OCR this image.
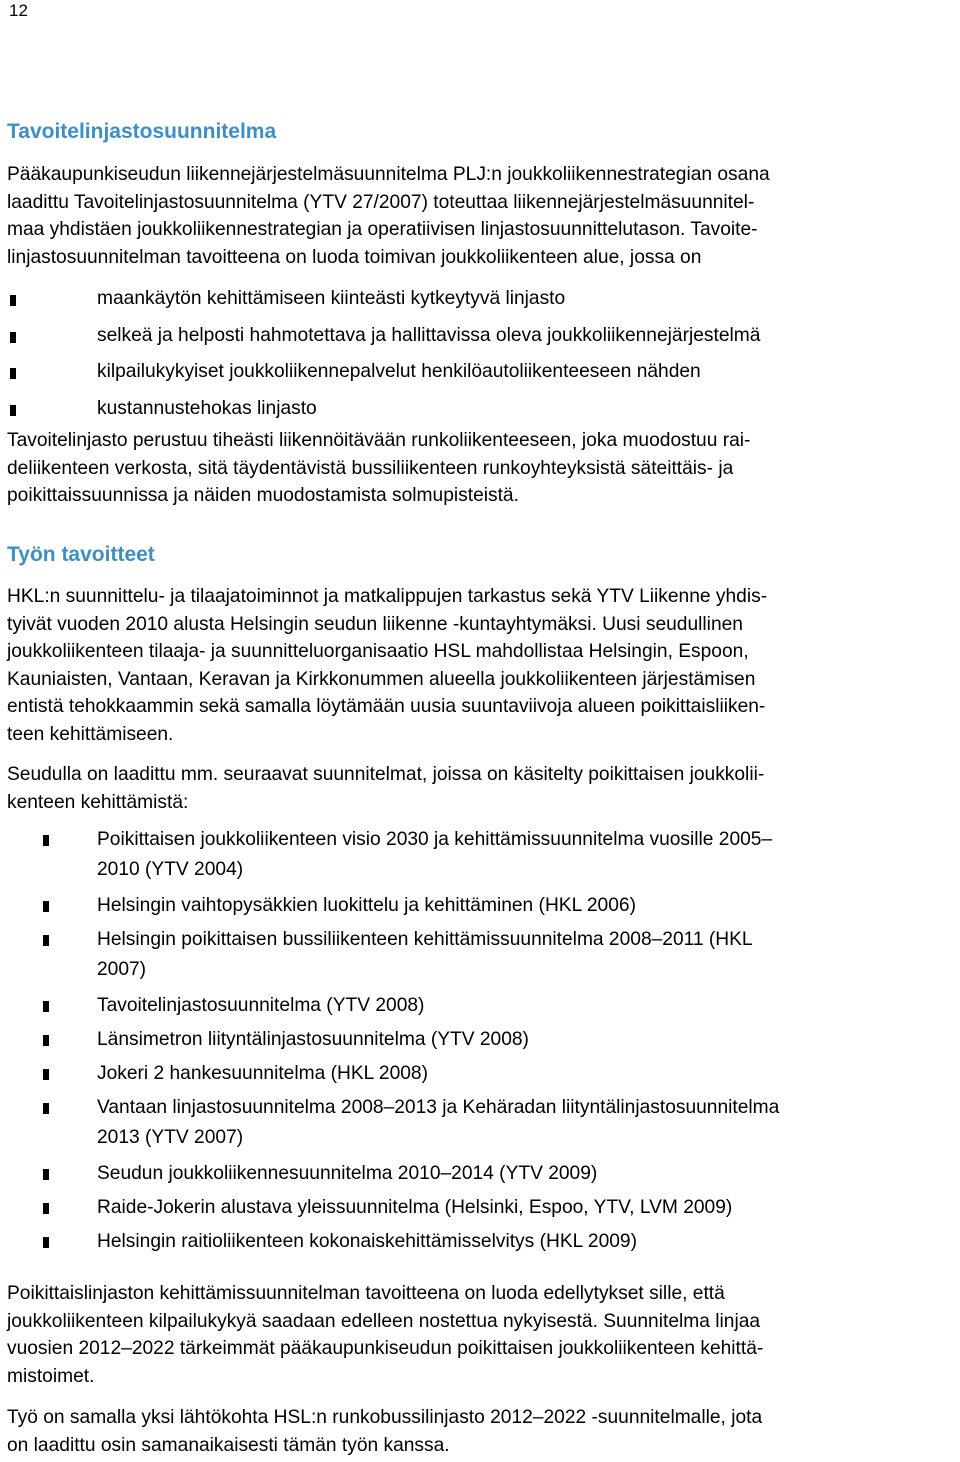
12
Tavoitelinjastosuunnitelma
Pääkaupunkiseudun liikennejärjestelmäsuunnitelma PLJ:n joukkoliikennestrategian osana
laadittu Tavoitelinjastosuunnitelma (YTV 27/2007) toteuttaa liikennejärjestelmäsuunnitel-
maa yhdistäen joukkoliikennestrategian ja operatiivisen linjastosuunnittelutason. Tavoite-
linjastosuunnitelman tavoitteena on luoda toimivan joukkoliikenteen alue, jossa on
maankäytön kehittämiseen kiinteästi kytkeytyvä linjasto
selkeä ja helposti hahmotettava ja hallittavissa oleva joukkoliikennejärjestelmä
kilpailukykyiset joukkoliikennepalvelut henkilöautoliikenteeseen nähden
kustannustehokas linjasto
Tavoitelinjasto perustuu tiheästi liikennöitävään runkoliikenteeseen, joka muodostuu rai-
deliikenteen verkosta, sitä täydentävistä bussiliikenteen runkoyhteyksistä säteittäis- ja
poikittaissuunnissa ja näiden muodostamista solmupisteistä.
Työn tavoitteet
HKL:n suunnittelu- ja tilaajatoiminnot ja matkalippujen tarkastus sekä YTV Liikenne yhdis-
tyivät vuoden 2010 alusta Helsingin seudun liikenne -kuntayhtymäksi. Uusi seudullinen
joukkoliikenteen tilaaja- ja suunnitteluorganisaatio HSL mahdollistaa Helsingin, Espoon,
Kauniaisten, Vantaan, Keravan ja Kirkkonummen alueella joukkoliikenteen järjestämisen
entistä tehokkaammin sekä samalla löytämään uusia suuntaviivoja alueen poikittaisliiken-
teen kehittämiseen.
Seudulla on laadittu mm. seuraavat suunnitelmat, joissa on käsitelty poikittaisen joukkolii-
kenteen kehittämistä:
Poikittaisen joukkoliikenteen visio 2030 ja kehittämissuunnitelma vuosille 2005–
2010 (YTV 2004)
Helsingin vaihtopysäkkien luokittelu ja kehittäminen (HKL 2006)
Helsingin poikittaisen bussiliikenteen kehittämissuunnitelma 2008–2011 (HKL
2007)
Tavoitelinjastosuunnitelma (YTV 2008)
Länsimetron liityntälinjastosuunnitelma (YTV 2008)
Jokeri 2 hankesuunnitelma (HKL 2008)
Vantaan linjastosuunnitelma 2008–2013 ja Kehäradan liityntälinjastosuunnitelma
2013 (YTV 2007)
Seudun joukkoliikennesuunnitelma 2010–2014 (YTV 2009)
Raide-Jokerin alustava yleissuunnitelma (Helsinki, Espoo, YTV, LVM 2009)
Helsingin raitioliikenteen kokonaiskehittämisselvitys (HKL 2009)
Poikittaislinjaston kehittämissuunnitelman tavoitteena on luoda edellytykset sille, että
joukkoliikenteen kilpailukykyä saadaan edelleen nostettua nykyisestä. Suunnitelma linjaa
vuosien 2012–2022 tärkeimmät pääkaupunkiseudun poikittaisen joukkoliikenteen kehittä-
mistoimet.
Työ on samalla yksi lähtökohta HSL:n runkobussilinjasto 2012–2022 -suunnitelmalle, jota
on laadittu osin samanaikaisesti tämän työn kanssa.
